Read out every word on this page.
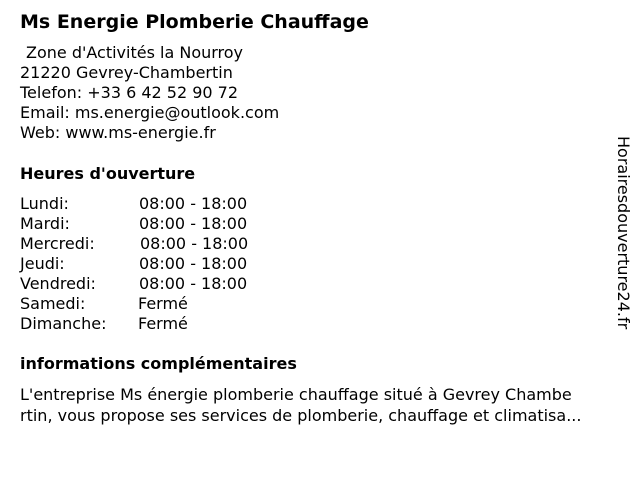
Ms Energie Plomberie Chauffage
Zone d'Activités la Nourroy
21220 Gevrey-Chambertin
Telefon: +33 6 42 52 90 72
Email: ms.energie@outlook.com
Web: www.ms-energie.fr
Heures d'ouverture
Lundi:	08:00 - 18:00
Mardi:	08:00 - 18:00
Mercredi:	08:00 - 18:00
Jeudi:	08:00 - 18:00
Vendredi:	08:00 - 18:00
Samedi:	Fermé
Dimanche: Fermé
informations complémentaires
L'entreprise Ms énergie plomberie chauffage situé à Gevrey Chambe
rtin, vous propose ses services de plomberie, chauffage et climatisa...
Horairesdouverture24.fr
